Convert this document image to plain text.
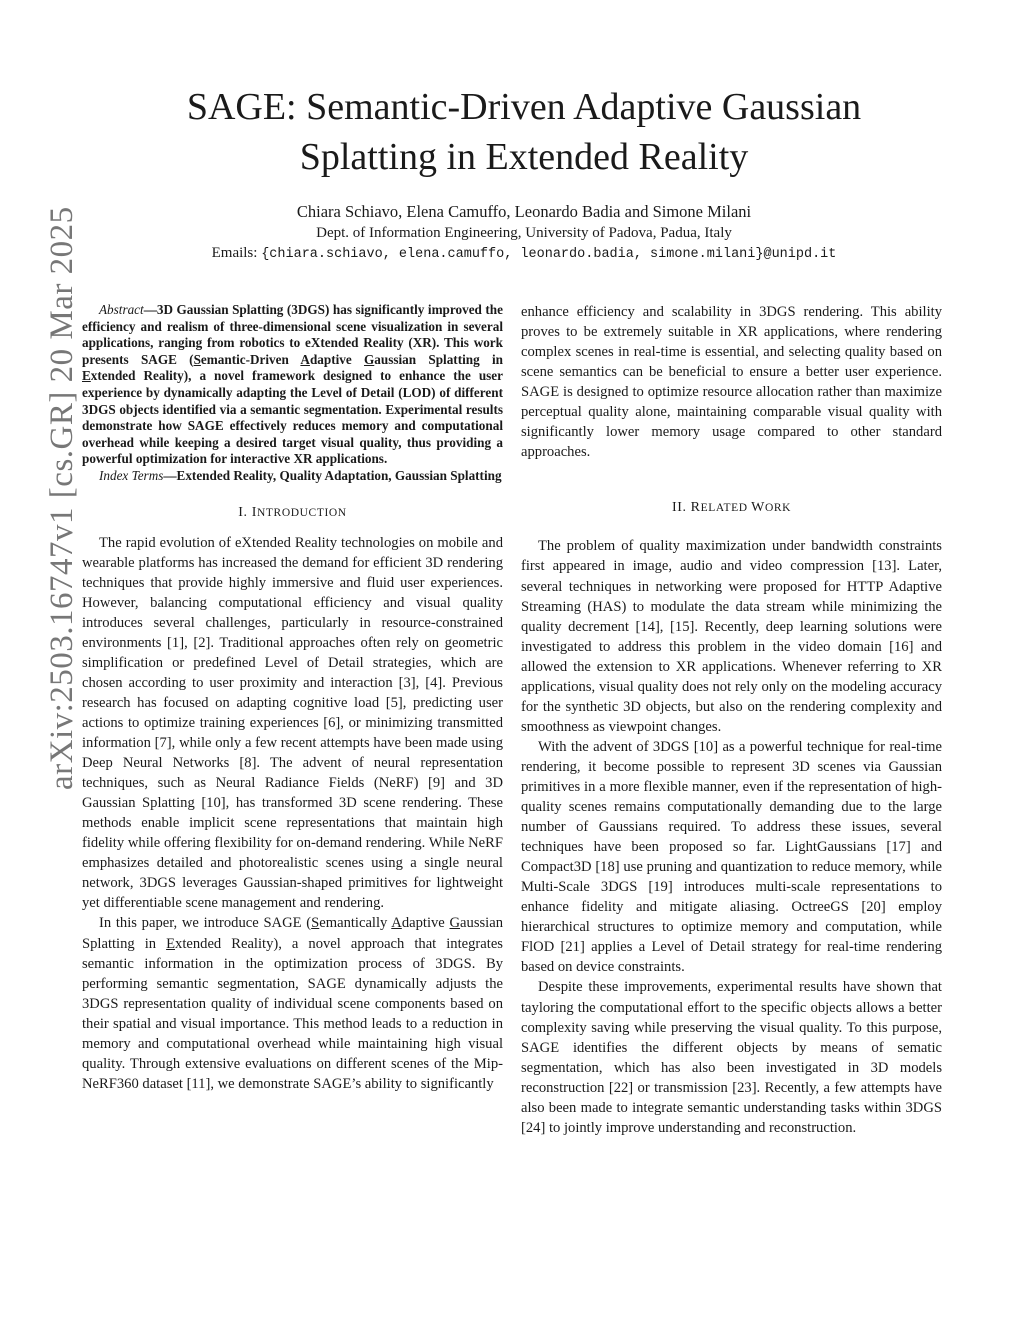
arXiv:2503.16747v1 [cs.GR] 20 Mar 2025
SAGE: Semantic-Driven Adaptive Gaussian
Splatting in Extended Reality
Chiara Schiavo, Elena Camuffo, Leonardo Badia and Simone Milani
Dept. of Information Engineering, University of Padova, Padua, Italy
Emails: {chiara.schiavo, elena.camuffo, leonardo.badia, simone.milani}@unipd.it

Abstract—3D Gaussian Splatting (3DGS) has significantly improved the efficiency and realism of three-dimensional scene visualization in several applications, ranging from robotics to eXtended Reality (XR). This work presents SAGE (Semantic-Driven Adaptive Gaussian Splatting in Extended Reality), a novel framework designed to enhance the user experience by dynamically adapting the Level of Detail (LOD) of different 3DGS objects identified via a semantic segmentation. Experimental results demonstrate how SAGE effectively reduces memory and computational overhead while keeping a desired target visual quality, thus providing a powerful optimization for interactive XR applications.

Index Terms—Extended Reality, Quality Adaptation, Gaussian Splatting

I. INTRODUCTION

The rapid evolution of eXtended Reality technologies on mobile and wearable platforms has increased the demand for efficient 3D rendering techniques that provide highly immersive and fluid user experiences. However, balancing computational efficiency and visual quality introduces several challenges, particularly in resource-constrained environments [1], [2]. Traditional approaches often rely on geometric simplification or predefined Level of Detail strategies, which are chosen according to user proximity and interaction [3], [4]. Previous research has focused on adapting cognitive load [5], predicting user actions to optimize training experiences [6], or minimizing transmitted information [7], while only a few recent attempts have been made using Deep Neural Networks [8]. The advent of neural representation techniques, such as Neural Radiance Fields (NeRF) [9] and 3D Gaussian Splatting [10], has transformed 3D scene rendering. These methods enable implicit scene representations that maintain high fidelity while offering flexibility for on-demand rendering. While NeRF emphasizes detailed and photorealistic scenes using a single neural network, 3DGS leverages Gaussian-shaped primitives for lightweight yet differentiable scene management and rendering.

In this paper, we introduce SAGE (Semantically Adaptive Gaussian Splatting in Extended Reality), a novel approach that integrates semantic information in the optimization process of 3DGS. By performing semantic segmentation, SAGE dynamically adjusts the 3DGS representation quality of individual scene components based on their spatial and visual importance. This method leads to a reduction in memory and computational overhead while maintaining high visual quality. Through extensive evaluations on different scenes of the Mip-NeRF360 dataset [11], we demonstrate SAGE’s ability to significantly

enhance efficiency and scalability in 3DGS rendering. This ability proves to be extremely suitable in XR applications, where rendering complex scenes in real-time is essential, and selecting quality based on scene semantics can be beneficial to ensure a better user experience. SAGE is designed to optimize resource allocation rather than maximize perceptual quality alone, maintaining comparable visual quality with significantly lower memory usage compared to other standard approaches.

II. RELATED WORK

The problem of quality maximization under bandwidth constraints first appeared in image, audio and video compression [13]. Later, several techniques in networking were proposed for HTTP Adaptive Streaming (HAS) to modulate the data stream while minimizing the quality decrement [14], [15]. Recently, deep learning solutions were investigated to address this problem in the video domain [16] and allowed the extension to XR applications. Whenever referring to XR applications, visual quality does not rely only on the modeling accuracy for the synthetic 3D objects, but also on the rendering complexity and smoothness as viewpoint changes.

With the advent of 3DGS [10] as a powerful technique for real-time rendering, it become possible to represent 3D scenes via Gaussian primitives in a more flexible manner, even if the representation of high-quality scenes remains computationally demanding due to the large number of Gaussians required. To address these issues, several techniques have been proposed so far. LightGaussians [17] and Compact3D [18] use pruning and quantization to reduce memory, while Multi-Scale 3DGS [19] introduces multi-scale representations to enhance fidelity and mitigate aliasing. OctreeGS [20] employ hierarchical structures to optimize memory and computation, while FlOD [21] applies a Level of Detail strategy for real-time rendering based on device constraints.

Despite these improvements, experimental results have shown that tayloring the computational effort to the specific objects allows a better complexity saving while preserving the visual quality. To this purpose, SAGE identifies the different objects by means of sematic segmentation, which has also been investigated in 3D models reconstruction [22] or transmission [23]. Recently, a few attempts have also been made to integrate semantic understanding tasks within 3DGS [24] to jointly improve understanding and reconstruction.
